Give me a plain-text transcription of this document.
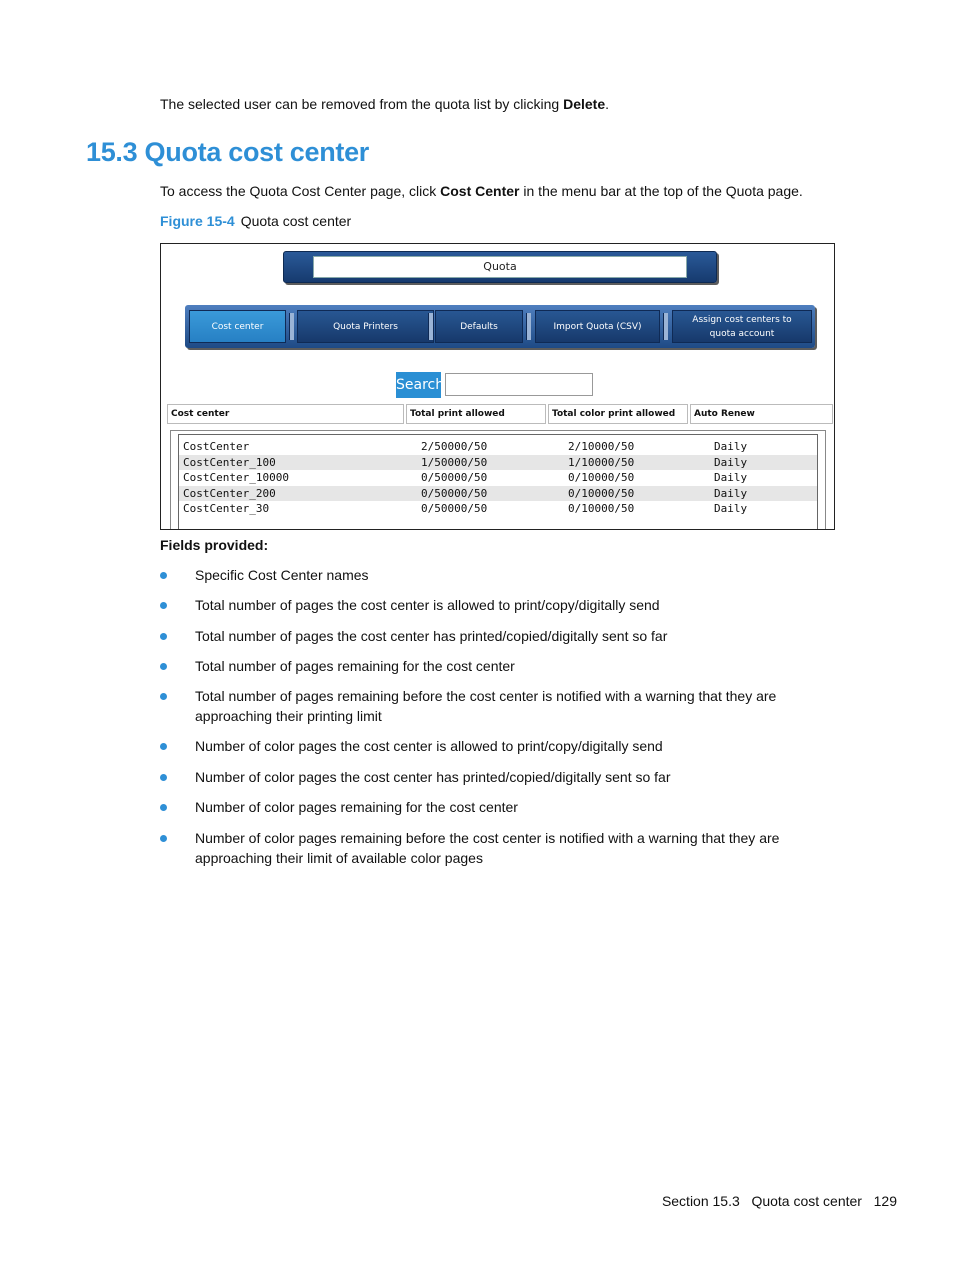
The selected user can be removed from the quota list by clicking Delete.

15.3 Quota cost center

To access the Quota Cost Center page, click Cost Center in the menu bar at the top of the Quota page.

Figure 15-4 Quota cost center
Quota
Cost center	Quota Printers	Defaults	Import Quota (CSV)
Assign cost centers to quota account
Search
Cost center	Total print allowed	Total color print allowed	Auto Renew
CostCenter	2/50000/50	2/10000/50	Daily
CostCenter_100	1/50000/50	1/10000/50	Daily
CostCenter_10000	0/50000/50	0/10000/50	Daily
CostCenter_200	0/50000/50	0/10000/50	Daily
CostCenter_30	0/50000/50	0/10000/50	Daily

Fields provided:

Specific Cost Center names
Total number of pages the cost center is allowed to print/copy/digitally send
Total number of pages the cost center has printed/copied/digitally sent so far
Total number of pages remaining for the cost center
Total number of pages remaining before the cost center is notified with a warning that they are approaching their printing limit
Number of color pages the cost center is allowed to print/copy/digitally send
Number of color pages the cost center has printed/copied/digitally sent so far
Number of color pages remaining for the cost center
Number of color pages remaining before the cost center is notified with a warning that they are approaching their limit of available color pages
Section 15.3 Quota cost center 129
